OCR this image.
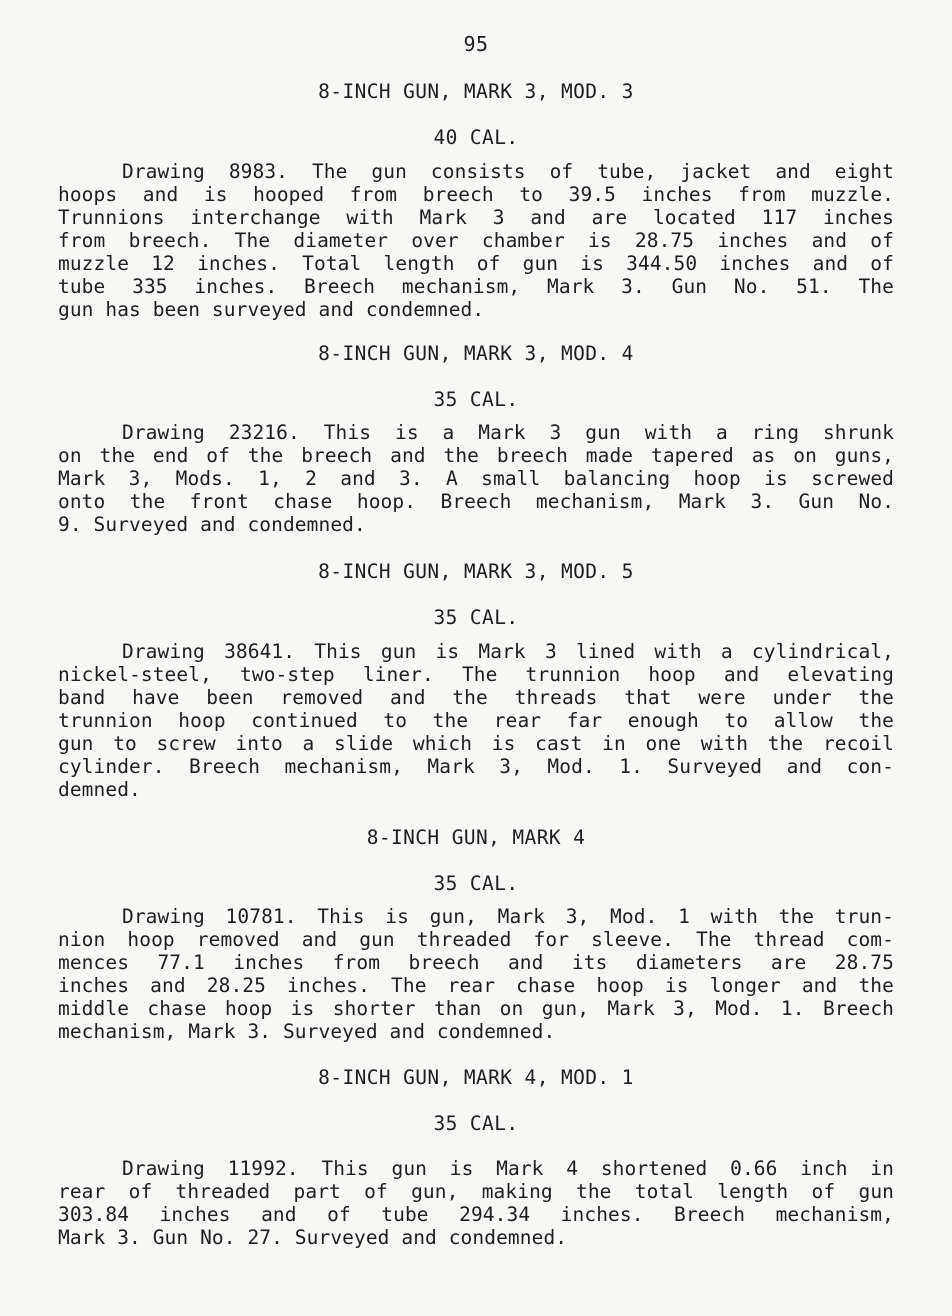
95
8-INCH GUN, MARK 3, MOD. 3
40 CAL.
Drawing 8983. The gun consists of tube, jacket and eight
hoops and is hooped from breech to 39.5 inches from muzzle.
Trunnions interchange with Mark 3 and are located 117 inches
from breech. The diameter over chamber is 28.75 inches and of
muzzle 12 inches. Total length of gun is 344.50 inches and of
tube 335 inches. Breech mechanism, Mark 3. Gun No. 51. The
gun has been surveyed and condemned.
8-INCH GUN, MARK 3, MOD. 4
35 CAL.
Drawing 23216. This is a Mark 3 gun with a ring shrunk
on the end of the breech and the breech made tapered as on guns,
Mark 3, Mods. 1, 2 and 3. A small balancing hoop is screwed
onto the front chase hoop. Breech mechanism, Mark 3. Gun No.
9. Surveyed and condemned.
8-INCH GUN, MARK 3, MOD. 5
35 CAL.
Drawing 38641. This gun is Mark 3 lined with a cylindrical,
nickel-steel, two-step liner. The trunnion hoop and elevating
band have been removed and the threads that were under the
trunnion hoop continued to the rear far enough to allow the
gun to screw into a slide which is cast in one with the recoil
cylinder. Breech mechanism, Mark 3, Mod. 1. Surveyed and con-
demned.
8-INCH GUN, MARK 4
35 CAL.
Drawing 10781. This is gun, Mark 3, Mod. 1 with the trun-
nion hoop removed and gun threaded for sleeve. The thread com-
mences 77.1 inches from breech and its diameters are 28.75
inches and 28.25 inches. The rear chase hoop is longer and the
middle chase hoop is shorter than on gun, Mark 3, Mod. 1. Breech
mechanism, Mark 3. Surveyed and condemned.
8-INCH GUN, MARK 4, MOD. 1
35 CAL.
Drawing 11992. This gun is Mark 4 shortened 0.66 inch in
rear of threaded part of gun, making the total length of gun
303.84 inches and of tube 294.34 inches. Breech mechanism,
Mark 3. Gun No. 27. Surveyed and condemned.
